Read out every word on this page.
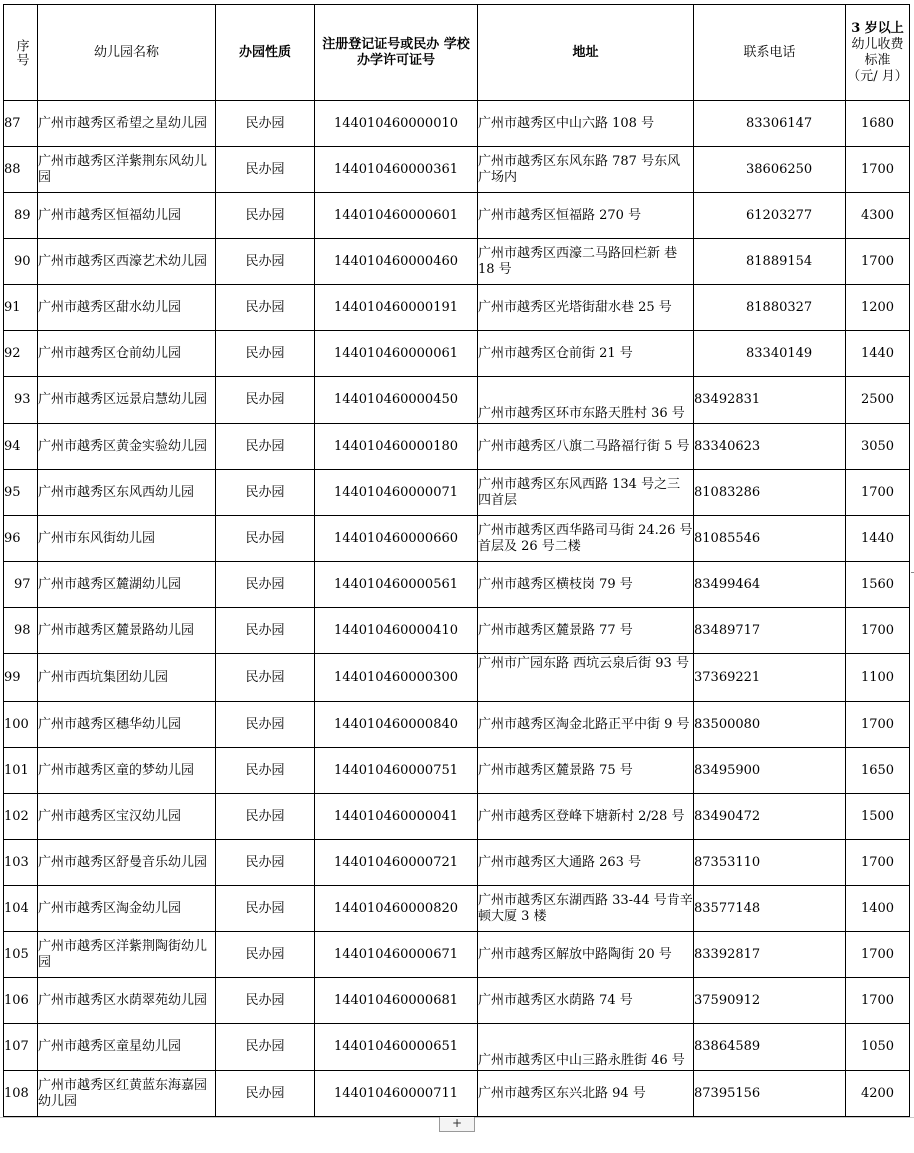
序号	幼儿园名称	办园性质	注册登记证号或民办 学校办学许可证号	地址	联系电话	3 岁以上
幼儿收费
标准
（元/ 月）

87	广州市越秀区希望之星幼儿园	民办园	144010460000010	广州市越秀区中山六路 108 号	83306147	1680
88	广州市越秀区洋紫荆东风幼儿园	民办园	144010460000361	广州市越秀区东风东路 787 号东风广场内	38606250	1700
89	广州市越秀区恒福幼儿园	民办园	144010460000601	广州市越秀区恒福路 270 号	61203277	4300
90	广州市越秀区西濠艺术幼儿园	民办园	144010460000460	广州市越秀区西濠二马路回栏新 巷 18 号	81889154	1700
91	广州市越秀区甜水幼儿园	民办园	144010460000191	广州市越秀区光塔街甜水巷 25 号	81880327	1200
92	广州市越秀区仓前幼儿园	民办园	144010460000061	广州市越秀区仓前街 21 号	83340149	1440
93	广州市越秀区远景启慧幼儿园	民办园	144010460000450	广州市越秀区环市东路天胜村 36 号	83492831	2500
94	广州市越秀区黄金实验幼儿园	民办园	144010460000180	广州市越秀区八旗二马路福行街 5 号	83340623	3050
95	广州市越秀区东风西幼儿园	民办园	144010460000071	广州市越秀区东风西路 134 号之三四首层	81083286	1700
96	广州市东风街幼儿园	民办园	144010460000660	广州市越秀区西华路司马街 24.26 号首层及 26 号二楼	81085546	1440
97	广州市越秀区麓湖幼儿园	民办园	144010460000561	广州市越秀区横枝岗 79 号	83499464	1560
98	广州市越秀区麓景路幼儿园	民办园	144010460000410	广州市越秀区麓景路 77 号	83489717	1700
99	广州市西坑集团幼儿园	民办园	144010460000300	广州市广园东路 西坑云泉后街 93 号	37369221	1100
100	广州市越秀区穗华幼儿园	民办园	144010460000840	广州市越秀区淘金北路正平中街 9 号	83500080	1700
101	广州市越秀区童的梦幼儿园	民办园	144010460000751	广州市越秀区麓景路 75 号	83495900	1650
102	广州市越秀区宝汉幼儿园	民办园	144010460000041	广州市越秀区登峰下塘新村 2/28 号	83490472	1500
103	广州市越秀区舒曼音乐幼儿园	民办园	144010460000721	广州市越秀区大通路 263 号	87353110	1700
104	广州市越秀区淘金幼儿园	民办园	144010460000820	广州市越秀区东湖西路 33-44 号肯辛顿大厦 3 楼	83577148	1400
105	广州市越秀区洋紫荆陶街幼儿园	民办园	144010460000671	广州市越秀区解放中路陶街 20 号	83392817	1700
106	广州市越秀区水荫翠苑幼儿园	民办园	144010460000681	广州市越秀区水荫路 74 号	37590912	1700
107	广州市越秀区童星幼儿园	民办园	144010460000651	广州市越秀区中山三路永胜街 46 号	83864589	1050
108	广州市越秀区红黄蓝东海嘉园幼儿园	民办园	144010460000711	广州市越秀区东兴北路 94 号	87395156	4200
+
